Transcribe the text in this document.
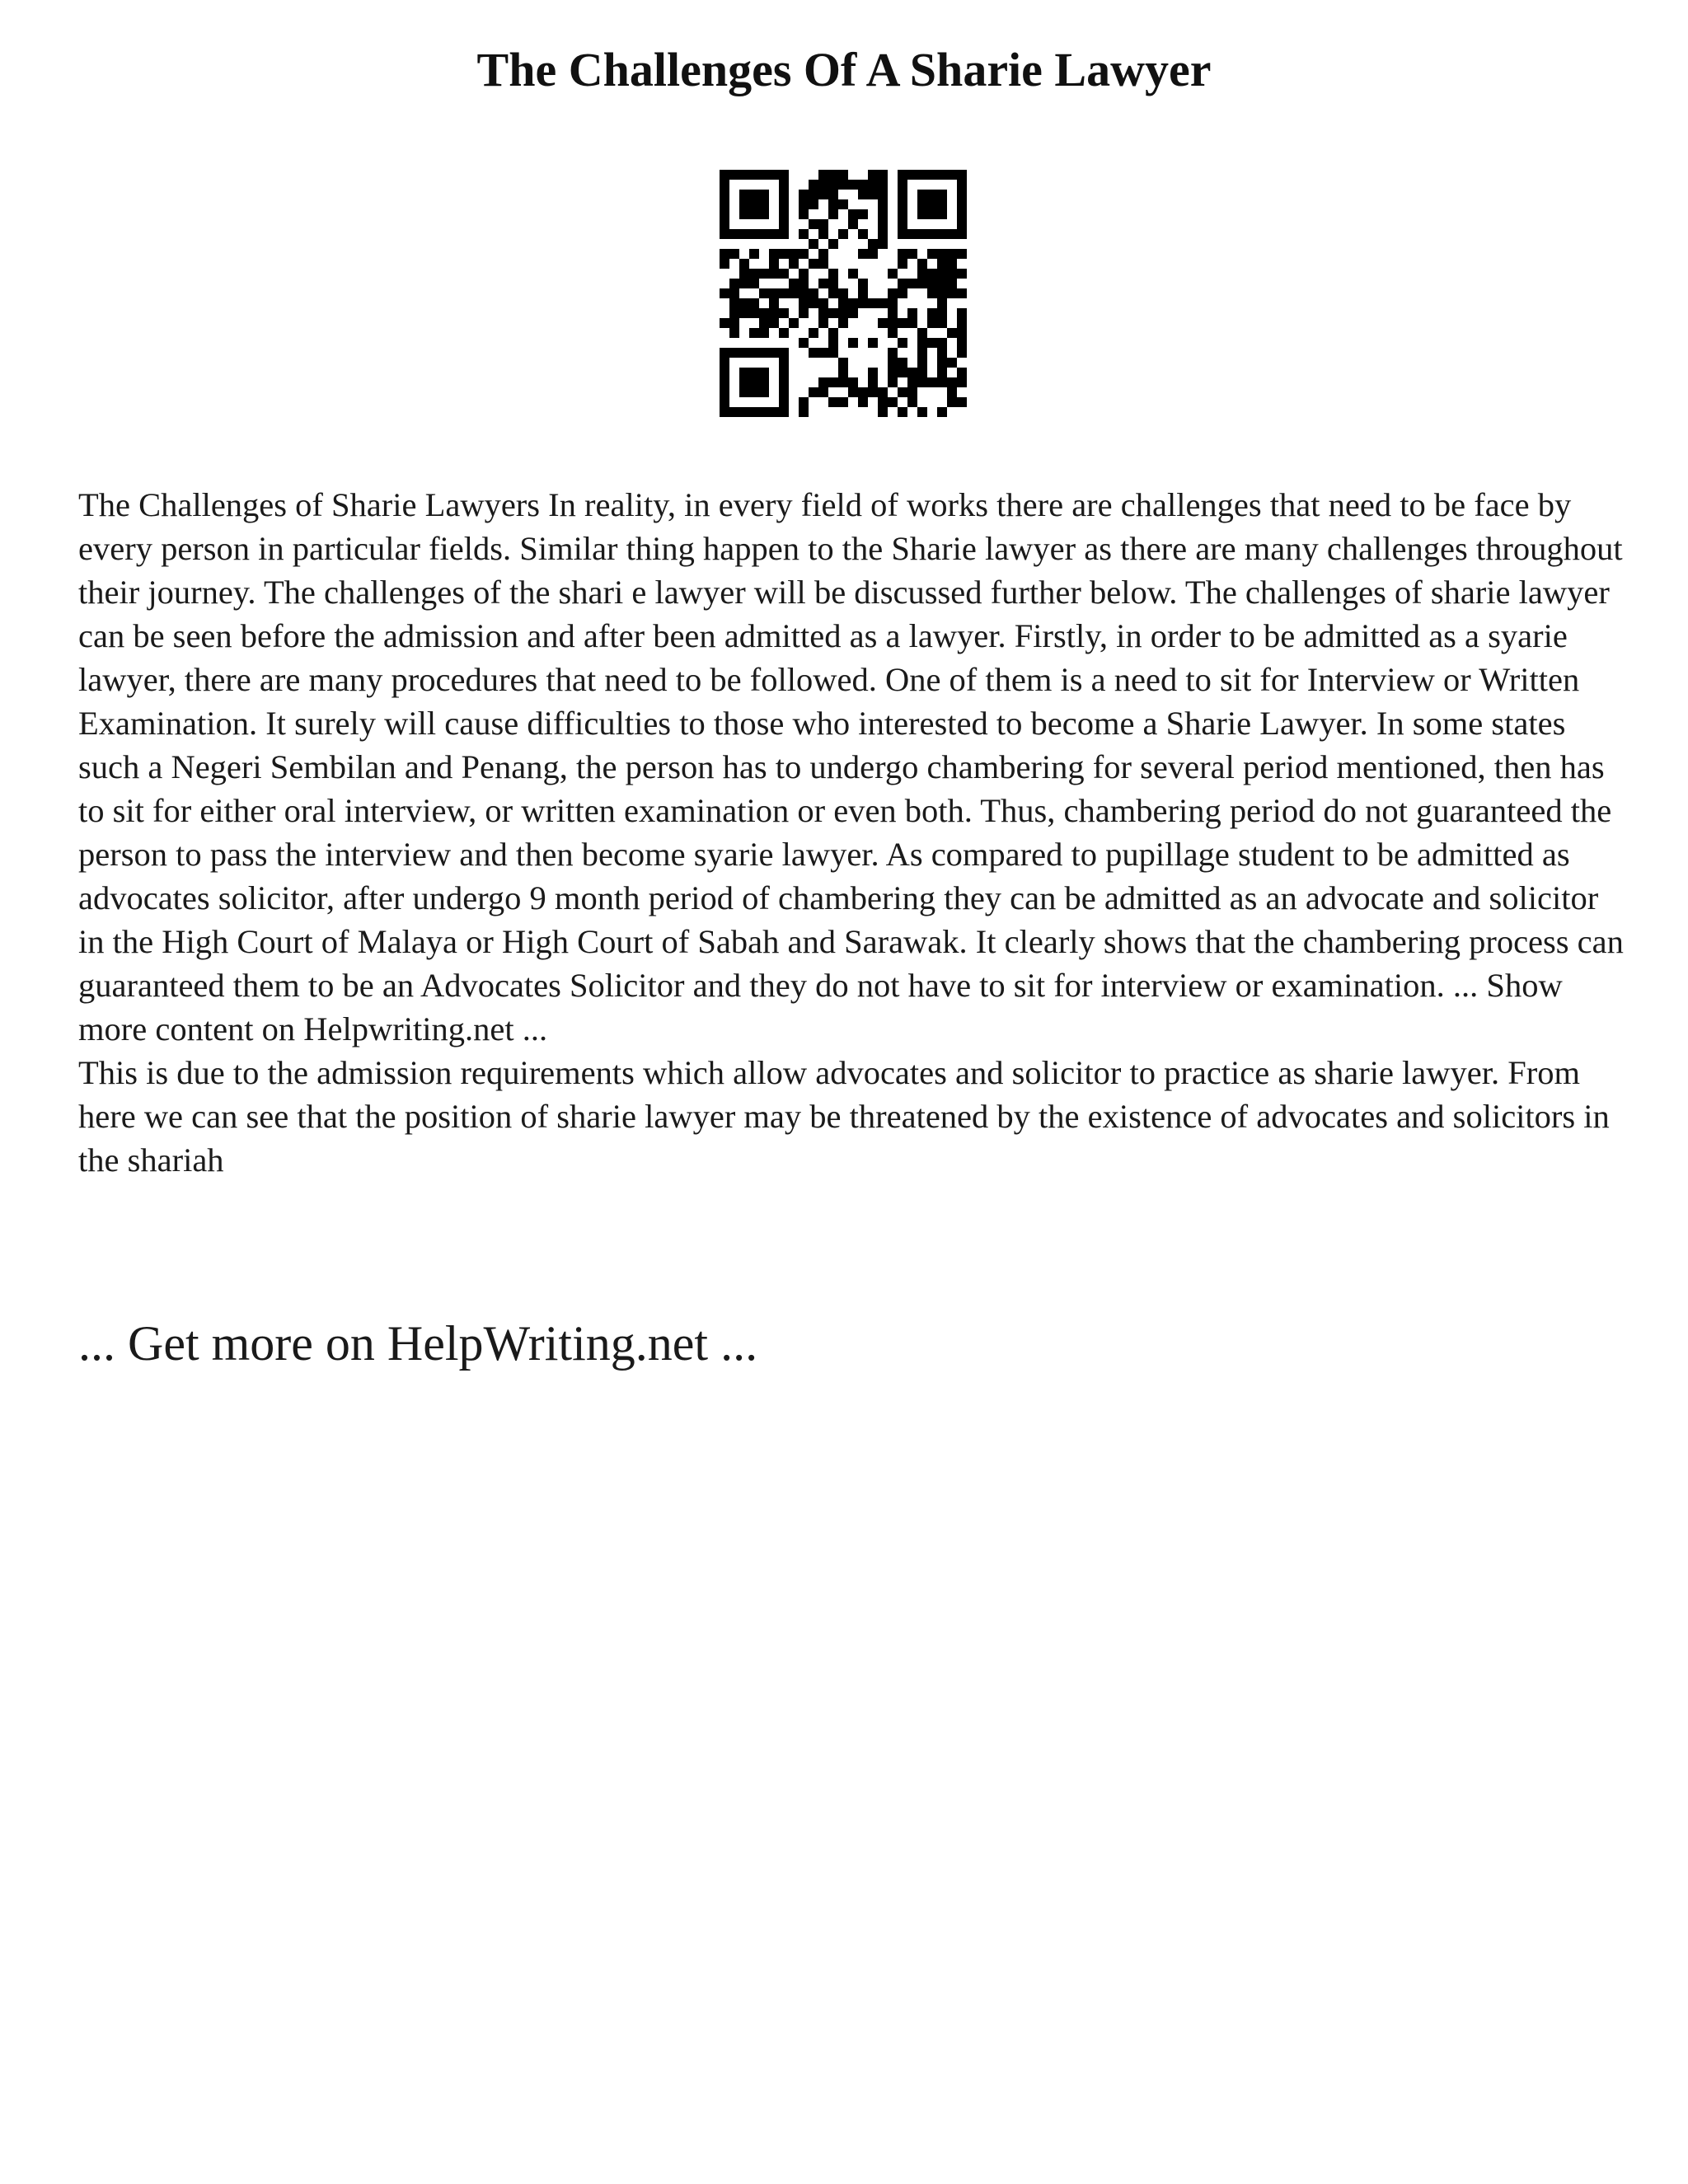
The Challenges Of A Sharie Lawyer

The Challenges of Sharie Lawyers In reality, in every field of works there are challenges that need to be face by every person in particular fields. Similar thing happen to the Sharie lawyer as there are many challenges throughout their journey. The challenges of the shari e lawyer will be discussed further below. The challenges of sharie lawyer can be seen before the admission and after been admitted as a lawyer. Firstly, in order to be admitted as a syarie lawyer, there are many procedures that need to be followed. One of them is a need to sit for Interview or Written Examination. It surely will cause difficulties to those who interested to become a Sharie Lawyer. In some states such a Negeri Sembilan and Penang, the person has to undergo chambering for several period mentioned, then has to sit for either oral interview, or written examination or even both. Thus, chambering period do not guaranteed the person to pass the interview and then become syarie lawyer. As compared to pupillage student to be admitted as advocates solicitor, after undergo 9 month period of chambering they can be admitted as an advocate and solicitor in the High Court of Malaya or High Court of Sabah and Sarawak. It clearly shows that the chambering process can guaranteed them to be an Advocates Solicitor and they do not have to sit for interview or examination. ... Show more content on Helpwriting.net ...

This is due to the admission requirements which allow advocates and solicitor to practice as sharie lawyer. From here we can see that the position of sharie lawyer may be threatened by the existence of advocates and solicitors in the shariah

... Get more on HelpWriting.net ...
